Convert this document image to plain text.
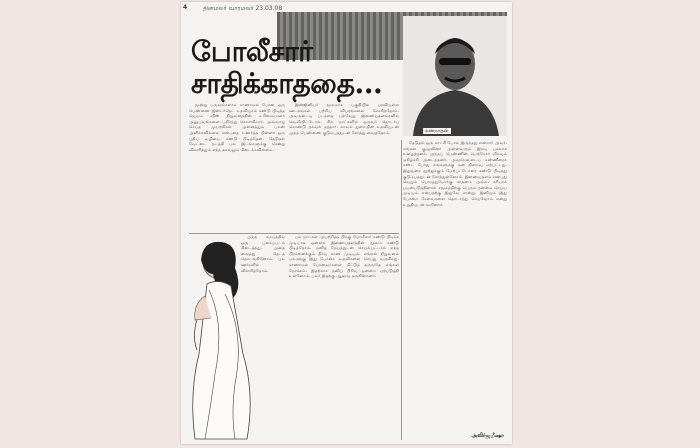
4	தினமலர் வாரமலர் 23.03.08
போலீசார்
சாதிக்காததை...
கணநாதன்

மூன்று பருவங்களாக காணாமல் போன ஒரு பெண்ணை இன்டர்நெட் உதவியால் கண்டு பிடித்த ஜெயம் சதீஸ் நிறுவனத்தின் உரிமையாளர் அனுபவங்களை பகிர்ந்து கொள்கிறார். அவ்வாறு செய்த முயற்சிகள் அனைத்தும் பலன் அளிக்கவில்லை என்பதை உணர்ந்த பின்னர் ஒரு புதிய வழியை கண்டு பிடித்தேன். தேடுதல் வேட்டை நடத்தி பல இடங்களுக்கு சென்று விசாரித்தும் எந்த தகவலும் கிடைக்கவில்லை.

இன்ஜினியர் மூலமாக பகுதியில் பரவியுள்ள ஊடகங்கள் பற்றிய விபரங்களை சேகரித்தோம். அவருடைய படத்தை பல்வேறு இணையதளங்களில் வெளியிட்டோம். சில நாட்களில் ஒருவர் தொடர்பு கொண்டு தகவல் தந்தார். காவல் துறையின் உதவியுடன் அந்த பெண்ணை குடும்பத்துடன் சேர்த்து வைத்தோம்.

பல நாட்கள் முயற்சித்த பிறகு போலீசார் கண்டு பிடிக்க முடியாத ஒன்றை இணையதளத்தின் மூலம் கண்டு பிடித்தோம். மனித நேயத்துடன் செயல்பட்டால் எந்த பிரச்னைக்கும் தீர்வு காண முடியும். எங்கள் நிறுவனம் பலருக்கு இது போன்ற உதவிகளை செய்து வருகிறது. காணாமல் போனவர்களை மீட்டுத் தருவதே எங்கள் நோக்கம். இதற்காக தனிப் பிரிவு ஒன்றை ஏற்படுத்தி உள்ளோம். பலர் இதற்கு ஆதரவு தருகின்றனர்.

தேடுதல் ஒரு காட்சி போல இருந்தது என்றார் அவர். எங்கள் குழுவினர் அனைவரும் இரவு பகலாக உழைத்தனர். அந்தப் பெண்ணின் பெற்றோர் மிகவும் மகிழ்ச்சி அடைந்தனர். அவர்களுடைய கண்ணீரைக் கண்ட போது எங்களுக்கு மன நிறைவு ஏற்பட்டது. இதுவரை நூற்றுக்கும் மேற்பட்டோரை கண்டு பிடித்து குடும்பத்துடன் சேர்த்துள்ளோம். இணையதளம் என்பது வெறும் பொழுதுபோக்கு சாதனம் அல்ல. சரியாக பயன்படுத்தினால் சமூகத்திற்கு பெரும் நன்மை செய்ய முடியும் என்பதற்கு இதுவே சான்று. இனியும் இது போன்ற சேவைகளை தொடர்ந்து செய்வோம் என்று உறுதியுடன் கூறினார்.

அந்த சமயத்தில் ஒரு புகைப்படம் கிடைத்தது. அதை வைத்து தேடத் தொடங்கினோம். பல ஊர்களில் விசாரித்தோம்.

அலிர்ஜமீஷா
